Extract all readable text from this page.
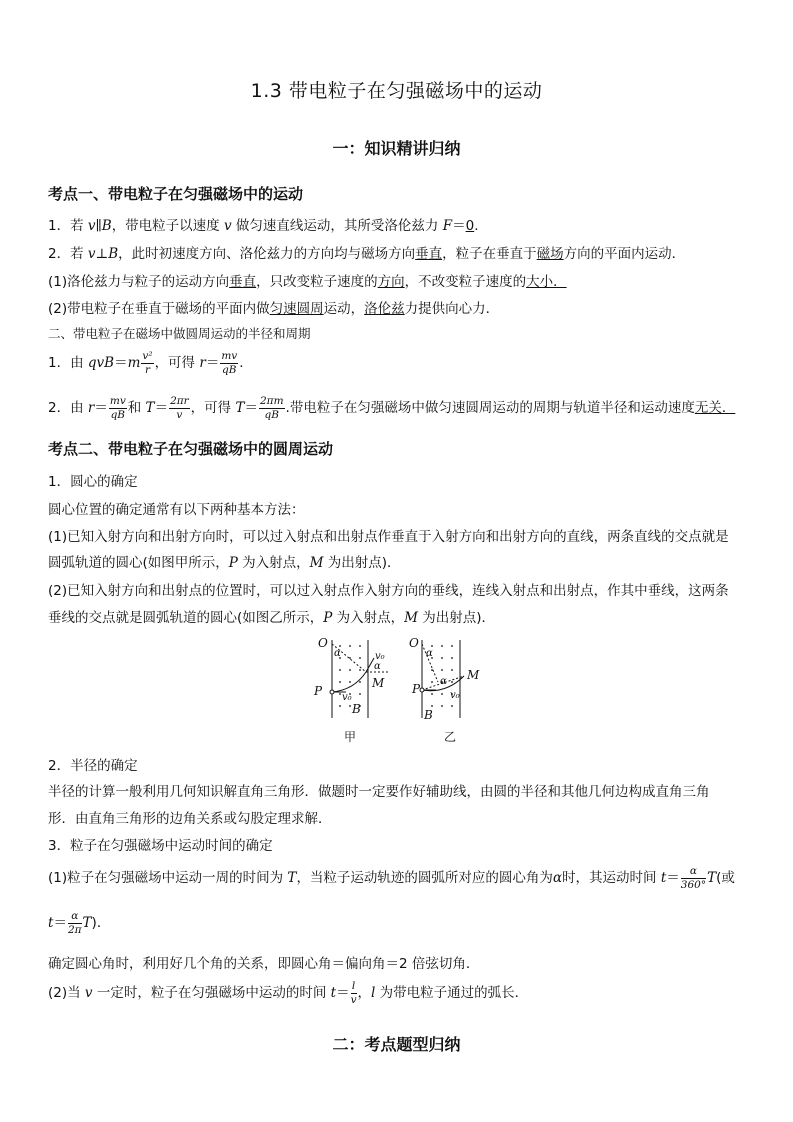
1.3 带电粒子在匀强磁场中的运动
一：知识精讲归纳
考点一、带电粒子在匀强磁场中的运动
1．若 v∥B，带电粒子以速度 v 做匀速直线运动，其所受洛伦兹力 F＝0.
2．若 v⊥B，此时初速度方向、洛伦兹力的方向均与磁场方向垂直，粒子在垂直于磁场方向的平面内运动．
(1)洛伦兹力与粒子的运动方向垂直，只改变粒子速度的方向，不改变粒子速度的大小．
(2)带电粒子在垂直于磁场的平面内做匀速圆周运动，洛伦兹力提供向心力．
二、带电粒子在磁场中做圆周运动的半径和周期
1．由 $qvB=m \frac{\text{v²}}{r}$ ，可得 $r= \frac{mv}{qB}$ .
2．由 $r= \frac{mv}{qB}$ 和 $T= \frac{2\pi r}{v}$ ，可得 $T= \frac{2\pi m}{qB}$ .带电粒子在匀强磁场中做匀速圆周运动的周期与轨道半径和运动速度无关．
考点二、带电粒子在匀强磁场中的圆周运动
1．圆心的确定
圆心位置的确定通常有以下两种基本方法：
(1)已知入射方向和出射方向时，可以过入射点和出射点作垂直于入射方向和出射方向的直线，两条直线的交点就是
圆弧轨道的圆心(如图甲所示，P 为入射点，M 为出射点)．
(2)已知入射方向和出射点的位置时，可以过入射点作入射方向的垂线，连线入射点和出射点，作其中垂线，这两条
垂线的交点就是圆弧轨道的圆心(如图乙所示，P 为入射点，M 为出射点)．
O
α	v₀
α
M
P v₀
B
O
α
M
P
α
v₀
B
甲	乙
2．半径的确定
半径的计算一般利用几何知识解直角三角形．做题时一定要作好辅助线，由圆的半径和其他几何边构成直角三角
形．由直角三角形的边角关系或勾股定理求解．
3．粒子在匀强磁场中运动时间的确定
(1)粒子在匀强磁场中运动一周的时间为 T，当粒子运动轨迹的圆弧所对应的圆心角为α时，其运动时间 $t= \frac{\alpha}{360^\circ} T$(或
$t= \frac{\alpha}{2\pi} T$)．
确定圆心角时，利用好几个角的关系，即圆心角＝偏向角＝2 倍弦切角．
(2)当 v 一定时，粒子在匀强磁场中运动的时间 $t= \frac{l}{v}$ ，l 为带电粒子通过的弧长．
二：考点题型归纳
